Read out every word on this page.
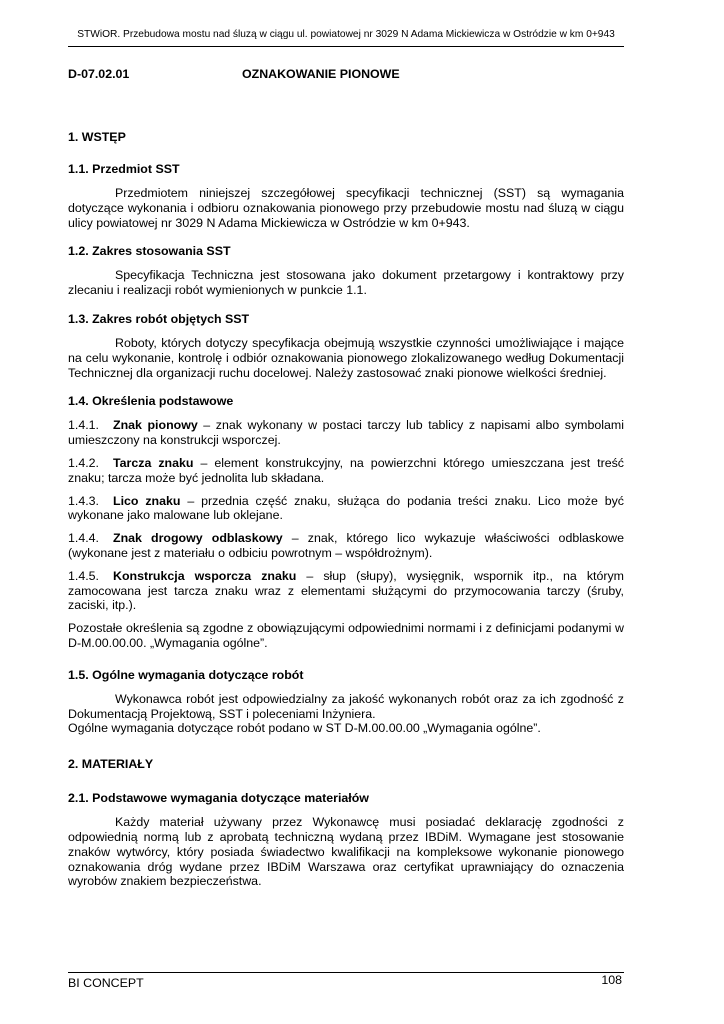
STWiOR. Przebudowa mostu nad śluzą w ciągu ul. powiatowej nr 3029 N Adama Mickiewicza w Ostródzie w km 0+943
D-07.02.01	OZNAKOWANIE PIONOWE
1. WSTĘP
1.1. Przedmiot SST

Przedmiotem niniejszej szczegółowej specyfikacji technicznej (SST) są wymagania dotyczące wykonania i odbioru oznakowania pionowego przy przebudowie mostu nad śluzą w ciągu ulicy powiatowej nr 3029 N Adama Mickiewicza w Ostródzie w km 0+943.

1.2. Zakres stosowania SST

Specyfikacja Techniczna jest stosowana jako dokument przetargowy i kontraktowy przy zlecaniu i realizacji robót wymienionych w punkcie 1.1.

1.3. Zakres robót objętych SST

Roboty, których dotyczy specyfikacja obejmują wszystkie czynności umożliwiające i mające na celu wykonanie, kontrolę i odbiór oznakowania pionowego zlokalizowanego według Dokumentacji Technicznej dla organizacji ruchu docelowej. Należy zastosować znaki pionowe wielkości średniej.

1.4. Określenia podstawowe

1.4.1. Znak pionowy – znak wykonany w postaci tarczy lub tablicy z napisami albo symbolami umieszczony na konstrukcji wsporczej.

1.4.2. Tarcza znaku – element konstrukcyjny, na powierzchni którego umieszczana jest treść znaku; tarcza może być jednolita lub składana.

1.4.3. Lico znaku – przednia część znaku, służąca do podania treści znaku. Lico może być wykonane jako malowane lub oklejane.

1.4.4. Znak drogowy odblaskowy – znak, którego lico wykazuje właściwości odblaskowe (wykonane jest z materiału o odbiciu powrotnym – współdrożnym).

1.4.5. Konstrukcja wsporcza znaku – słup (słupy), wysięgnik, wspornik itp., na którym zamocowana jest tarcza znaku wraz z elementami służącymi do przymocowania tarczy (śruby, zaciski, itp.).

Pozostałe określenia są zgodne z obowiązującymi odpowiednimi normami i z definicjami podanymi w D-M.00.00.00. „Wymagania ogólne”.

1.5. Ogólne wymagania dotyczące robót

Wykonawca robót jest odpowiedzialny za jakość wykonanych robót oraz za ich zgodność z Dokumentacją Projektową, SST i poleceniami Inżyniera.

Ogólne wymagania dotyczące robót podano w ST D-M.00.00.00 „Wymagania ogólne”.

2. MATERIAŁY
2.1. Podstawowe wymagania dotyczące materiałów

Każdy materiał używany przez Wykonawcę musi posiadać deklarację zgodności z odpowiednią normą lub z aprobatą techniczną wydaną przez IBDiM. Wymagane jest stosowanie znaków wytwórcy, który posiada świadectwo kwalifikacji na kompleksowe wykonanie pionowego oznakowania dróg wydane przez IBDiM Warszawa oraz certyfikat uprawniający do oznaczenia wyrobów znakiem bezpieczeństwa.

BI CONCEPT	108
